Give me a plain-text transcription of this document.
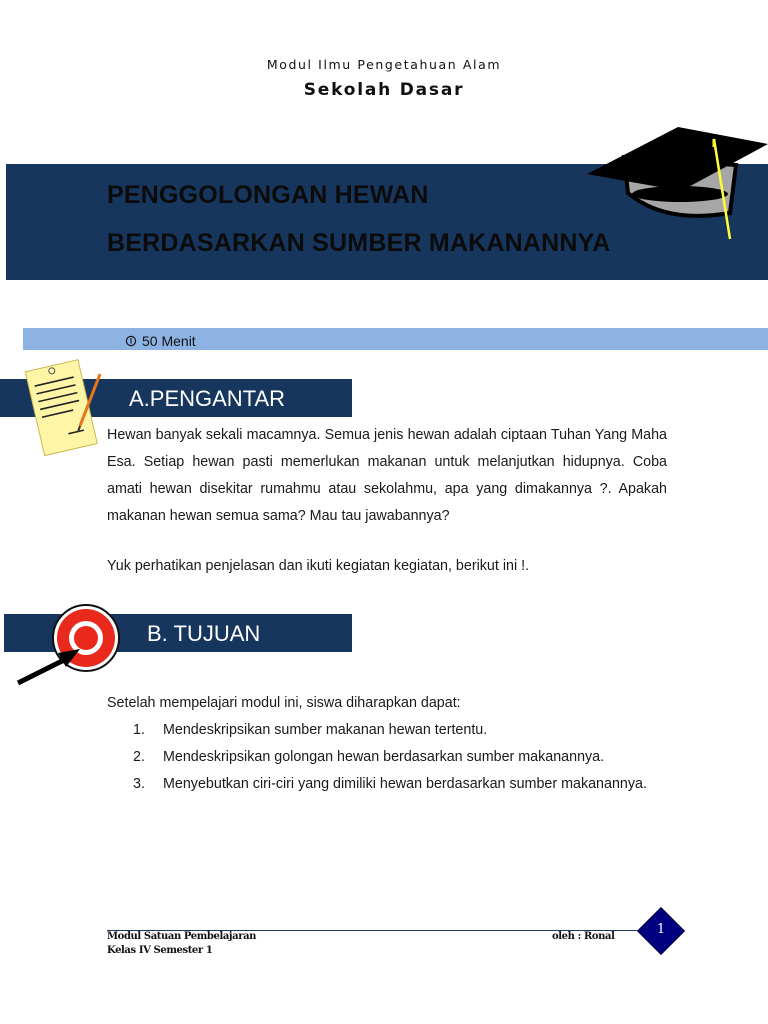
Modul Ilmu Pengetahuan Alam
Sekolah Dasar
PENGGOLONGAN HEWAN
BERDASARKAN SUMBER MAKANANNYA
50 Menit
A.PENGANTAR
Hewan banyak sekali macamnya. Semua jenis hewan adalah ciptaan Tuhan Yang Maha Esa. Setiap hewan pasti memerlukan makanan untuk melanjutkan hidupnya. Coba amati hewan disekitar rumahmu atau sekolahmu, apa yang dimakannya ?. Apakah makanan hewan semua sama? Mau tau jawabannya?
Yuk perhatikan penjelasan dan ikuti kegiatan kegiatan, berikut ini !.
B. TUJUAN
Setelah mempelajari modul ini, siswa diharapkan dapat:
1. Mendeskripsikan sumber makanan hewan tertentu.
2. Mendeskripsikan golongan hewan berdasarkan sumber makanannya.
3. Menyebutkan ciri-ciri yang dimiliki hewan berdasarkan sumber makanannya.
Modul Satuan Pembelajaran
Kelas IV Semester 1
oleh : Ronal	1
